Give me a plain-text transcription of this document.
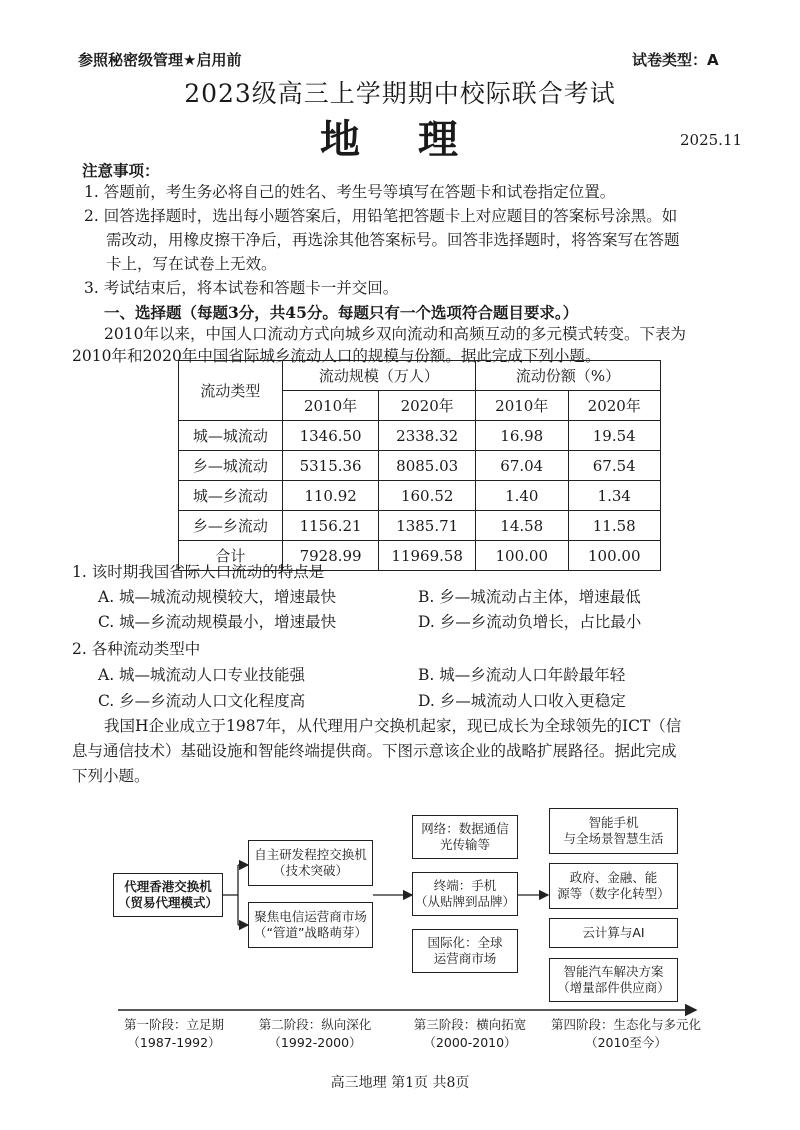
参照秘密级管理★启用前	试卷类型：A
2023级高三上学期期中校际联合考试
地 理	2025.11
注意事项：
1. 答题前，考生务必将自己的姓名、考生号等填写在答题卡和试卷指定位置。
2. 回答选择题时，选出每小题答案后，用铅笔把答题卡上对应题目的答案标号涂黑。如
需改动，用橡皮擦干净后，再选涂其他答案标号。回答非选择题时，将答案写在答题
卡上，写在试卷上无效。
3. 考试结束后，将本试卷和答题卡一并交回。
一、选择题（每题3分，共45分。每题只有一个选项符合题目要求。）
2010年以来，中国人口流动方式向城乡双向流动和高频互动的多元模式转变。下表为
2010年和2020年中国省际城乡流动人口的规模与份额。据此完成下列小题。
流动类型	流动规模（万人）		流动份额（%）	
	2010年	2020年	2010年	2020年
城—城流动	1346.50	2338.32	16.98	19.54
乡—城流动	5315.36	8085.03	67.04	67.54
城—乡流动	110.92	160.52	1.40	1.34
乡—乡流动	1156.21	1385.71	14.58	11.58
合计	7928.99	11969.58	100.00	100.00
1. 该时期我国省际人口流动的特点是
A. 城—城流动规模较大，增速最快	B. 乡—城流动占主体，增速最低
C. 城—乡流动规模最小，增速最快	D. 乡—乡流动负增长，占比最小
2. 各种流动类型中
A. 城—城流动人口专业技能强	B. 城—乡流动人口年龄最年轻
C. 乡—乡流动人口文化程度高	D. 乡—城流动人口收入更稳定
我国H企业成立于1987年，从代理用户交换机起家，现已成长为全球领先的ICT（信
息与通信技术）基础设施和智能终端提供商。下图示意该企业的战略扩展路径。据此完成
下列小题。
代理香港交换机
（贸易代理模式）
自主研发程控交换机
（技术突破）
聚焦电信运营商市场
（“管道”战略萌芽）
网络：数据通信
光传输等
终端：手机
（从贴牌到品牌）
国际化：全球
运营商市场
智能手机
与全场景智慧生活
政府、金融、能
源等（数字化转型）
云计算与AI
智能汽车解决方案
（增量部件供应商）
第一阶段：立足期
（1987-1992）
第二阶段：纵向深化
（1992-2000）
第三阶段：横向拓宽
（2000-2010）
第四阶段：生态化与多元化
（2010至今）
高三地理 第1页 共8页
